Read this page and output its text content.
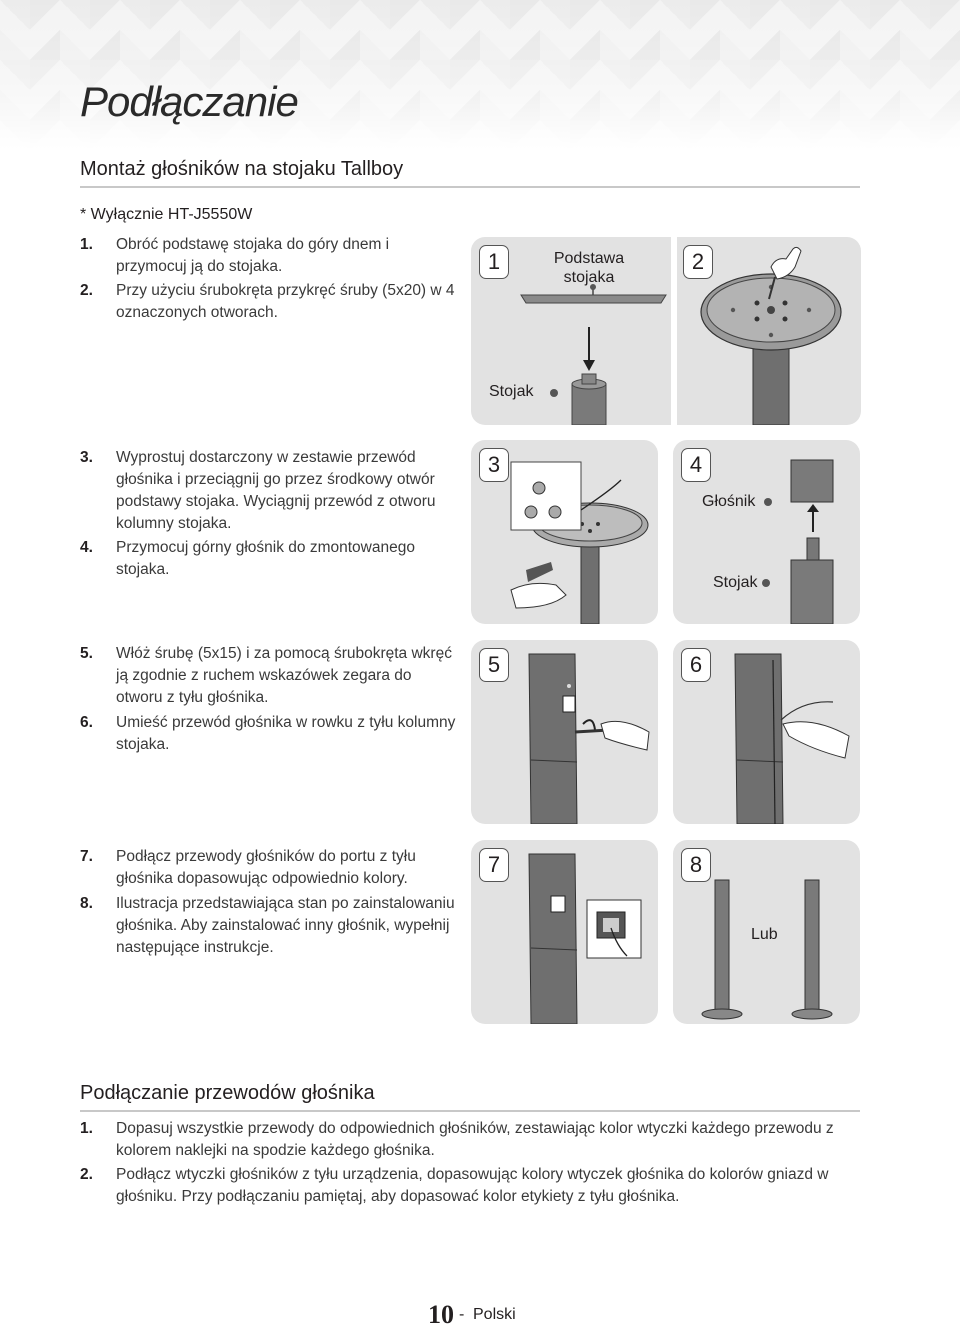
Podłączanie
Montaż głośników na stojaku Tallboy
* Wyłącznie HT-J5550W
1.	Obróć podstawę stojaka do góry dnem i przymocuj ją do stojaka.
2.	Przy użyciu śrubokręta przykręć śruby (5x20) w 4 oznaczonych otworach.
3.	Wyprostuj dostarczony w zestawie przewód głośnika i przeciągnij go przez środkowy otwór podstawy stojaka. Wyciągnij przewód z otworu kolumny stojaka.
4.	Przymocuj górny głośnik do zmontowanego stojaka.
5.	Włóż śrubę (5x15) i za pomocą śrubokręta wkręć ją zgodnie z ruchem wskazówek zegara do otworu z tyłu głośnika.
6.	Umieść przewód głośnika w rowku z tyłu kolumny stojaka.
7.	Podłącz przewody głośników do portu z tyłu głośnika dopasowując odpowiednio kolory.
8.	Ilustracja przedstawiająca stan po zainstalowaniu głośnika. Aby zainstalować inny głośnik, wypełnij następujące instrukcje.
1	2
Podstawa stojaka
Stojak
3	4
Głośnik
Stojak
5	6
7	8
Lub
Podłączanie przewodów głośnika
1.	Dopasuj wszystkie przewody do odpowiednich głośników, zestawiając kolor wtyczki każdego przewodu z kolorem naklejki na spodzie każdego głośnika.
2.	Podłącz wtyczki głośników z tyłu urządzenia, dopasowując kolory wtyczek głośnika do kolorów gniazd w głośniku. Przy podłączaniu pamiętaj, aby dopasować kolor etykiety z tyłu głośnika.
10 - Polski
